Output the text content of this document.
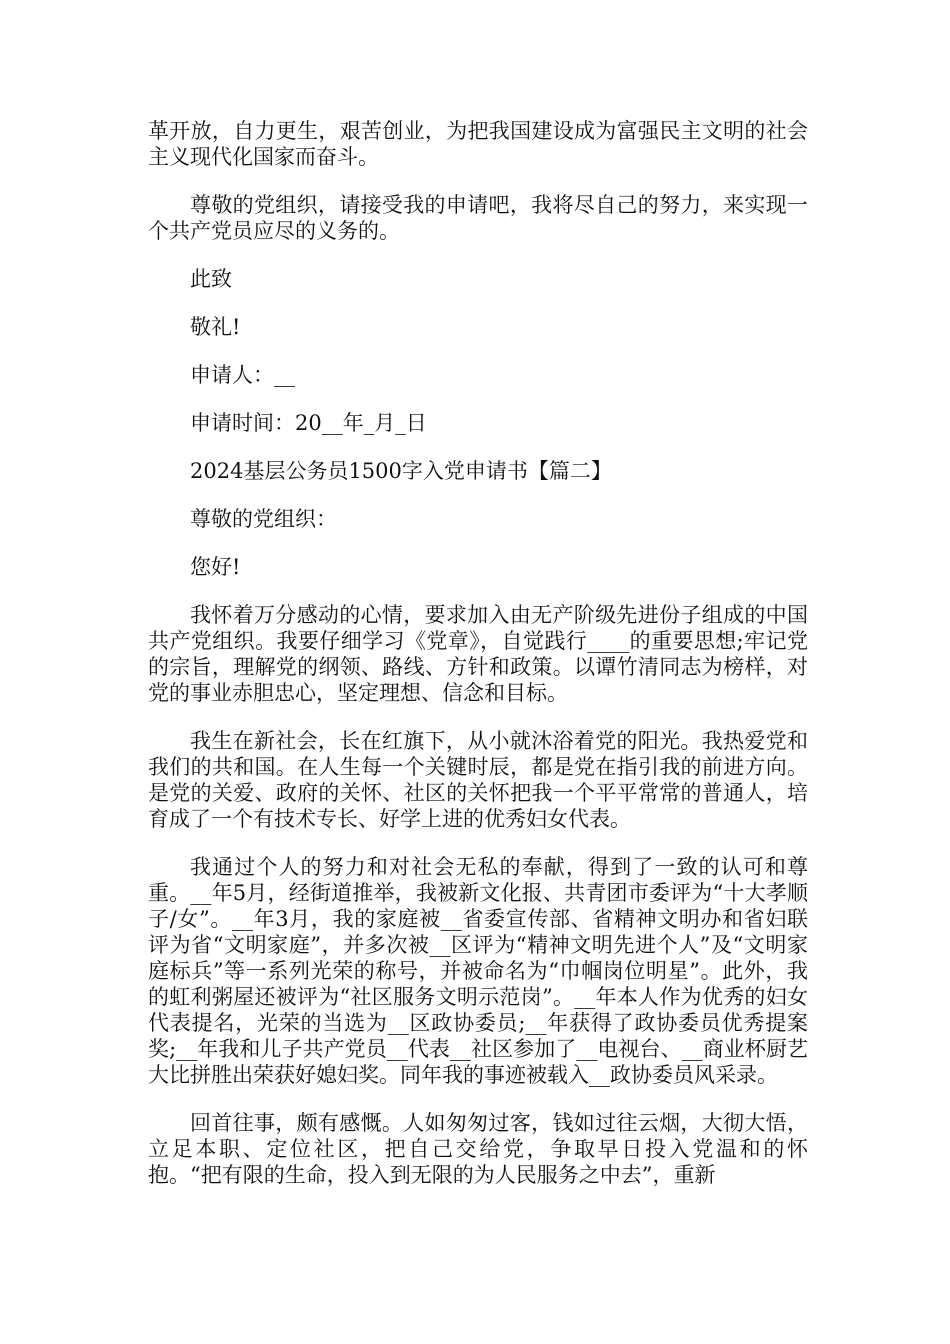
革开放，自力更生，艰苦创业，为把我国建设成为富强民主文明的社会主义现代化国家而奋斗。

尊敬的党组织，请接受我的申请吧，我将尽自己的努力，来实现一个共产党员应尽的义务的。

此致

敬礼!

申请人：__

申请时间：20__年_月_日

2024基层公务员1500字入党申请书【篇二】

尊敬的党组织：

您好!

我怀着万分感动的心情，要求加入由无产阶级先进份子组成的中国共产党组织。我要仔细学习《党章》，自觉践行____的重要思想;牢记党的宗旨，理解党的纲领、路线、方针和政策。以谭竹清同志为榜样，对党的事业赤胆忠心，坚定理想、信念和目标。

我生在新社会，长在红旗下，从小就沐浴着党的阳光。我热爱党和我们的共和国。在人生每一个关键时辰，都是党在指引我的前进方向。是党的关爱、政府的关怀、社区的关怀把我一个平平常常的普通人，培育成了一个有技术专长、好学上进的优秀妇女代表。

我通过个人的努力和对社会无私的奉献，得到了一致的认可和尊重。__年5月，经街道推举，我被新文化报、共青团市委评为“十大孝顺子/女”。__年3月，我的家庭被__省委宣传部、省精神文明办和省妇联评为省“文明家庭”，并多次被__区评为“精神文明先进个人”及“文明家庭标兵”等一系列光荣的称号，并被命名为“巾帼岗位明星”。此外，我的虹利粥屋还被评为“社区服务文明示范岗”。__年本人作为优秀的妇女代表提名，光荣的当选为__区政协委员;__年获得了政协委员优秀提案奖;__年我和儿子共产党员__代表__社区参加了__电视台、__商业杯厨艺大比拼胜出荣获好媳妇奖。同年我的事迹被载入__政协委员风采录。

回首往事，颇有感慨。人如匆匆过客，钱如过往云烟，大彻大悟，立足本职、定位社区，把自己交给党，争取早日投入党温和的怀抱。“把有限的生命，投入到无限的为人民服务之中去”，重新
